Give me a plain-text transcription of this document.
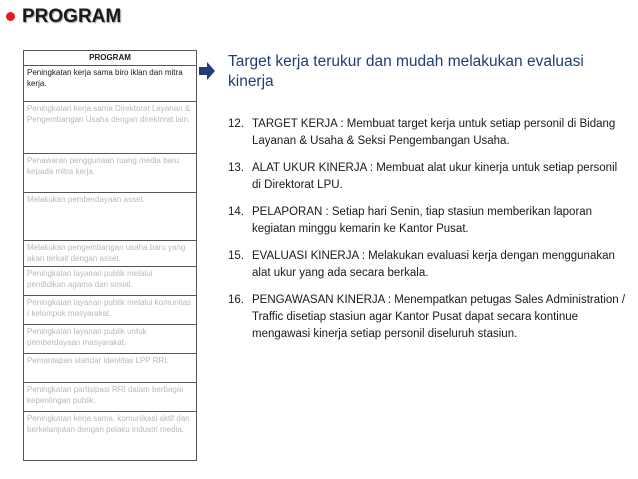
PROGRAM
PROGRAM
Peningkatan kerja sama biro iklan dan mitra kerja.
Peningkatan kerja sama Direktorat Layanan & Pengembangan Usaha dengan direktorat lain.
Penawaran penggunaan ruang media baru kepada mitra kerja.
Melakukan pemberdayaan asset.
Melakukan pengembangan usaha baru yang akan terkait dengan asset.
Peningkatan layanan publik melalui pendidikan agama dan sosial.
Peningkatan layanan publik melalui komunitas / kelompok masyarakat.
Peningkatan layanan publik untuk pemberdayaan masyarakat.
Pemantapan standar identitas LPP RRI.
Peningkatan partisipasi RRI dalam berbagai kepentingan publik.
Peningkatan kerja sama, komunikasi aktif dan berkelanjutan dengan pelaku industri media.
Target kerja terukur dan mudah melakukan evaluasi kinerja
12. TARGET KERJA : Membuat target kerja untuk setiap personil di Bidang Layanan & Usaha & Seksi Pengembangan Usaha.
13. ALAT UKUR KINERJA : Membuat alat ukur kinerja untuk setiap personil di Direktorat LPU.
14. PELAPORAN : Setiap hari Senin, tiap stasiun memberikan laporan kegiatan minggu kemarin ke Kantor Pusat.
15. EVALUASI KINERJA : Melakukan evaluasi kerja dengan menggunakan alat ukur yang ada secara berkala.
16. PENGAWASAN KINERJA : Menempatkan petugas Sales Administration / Traffic disetiap stasiun agar Kantor Pusat dapat secara kontinue mengawasi kinerja setiap personil diseluruh stasiun.
